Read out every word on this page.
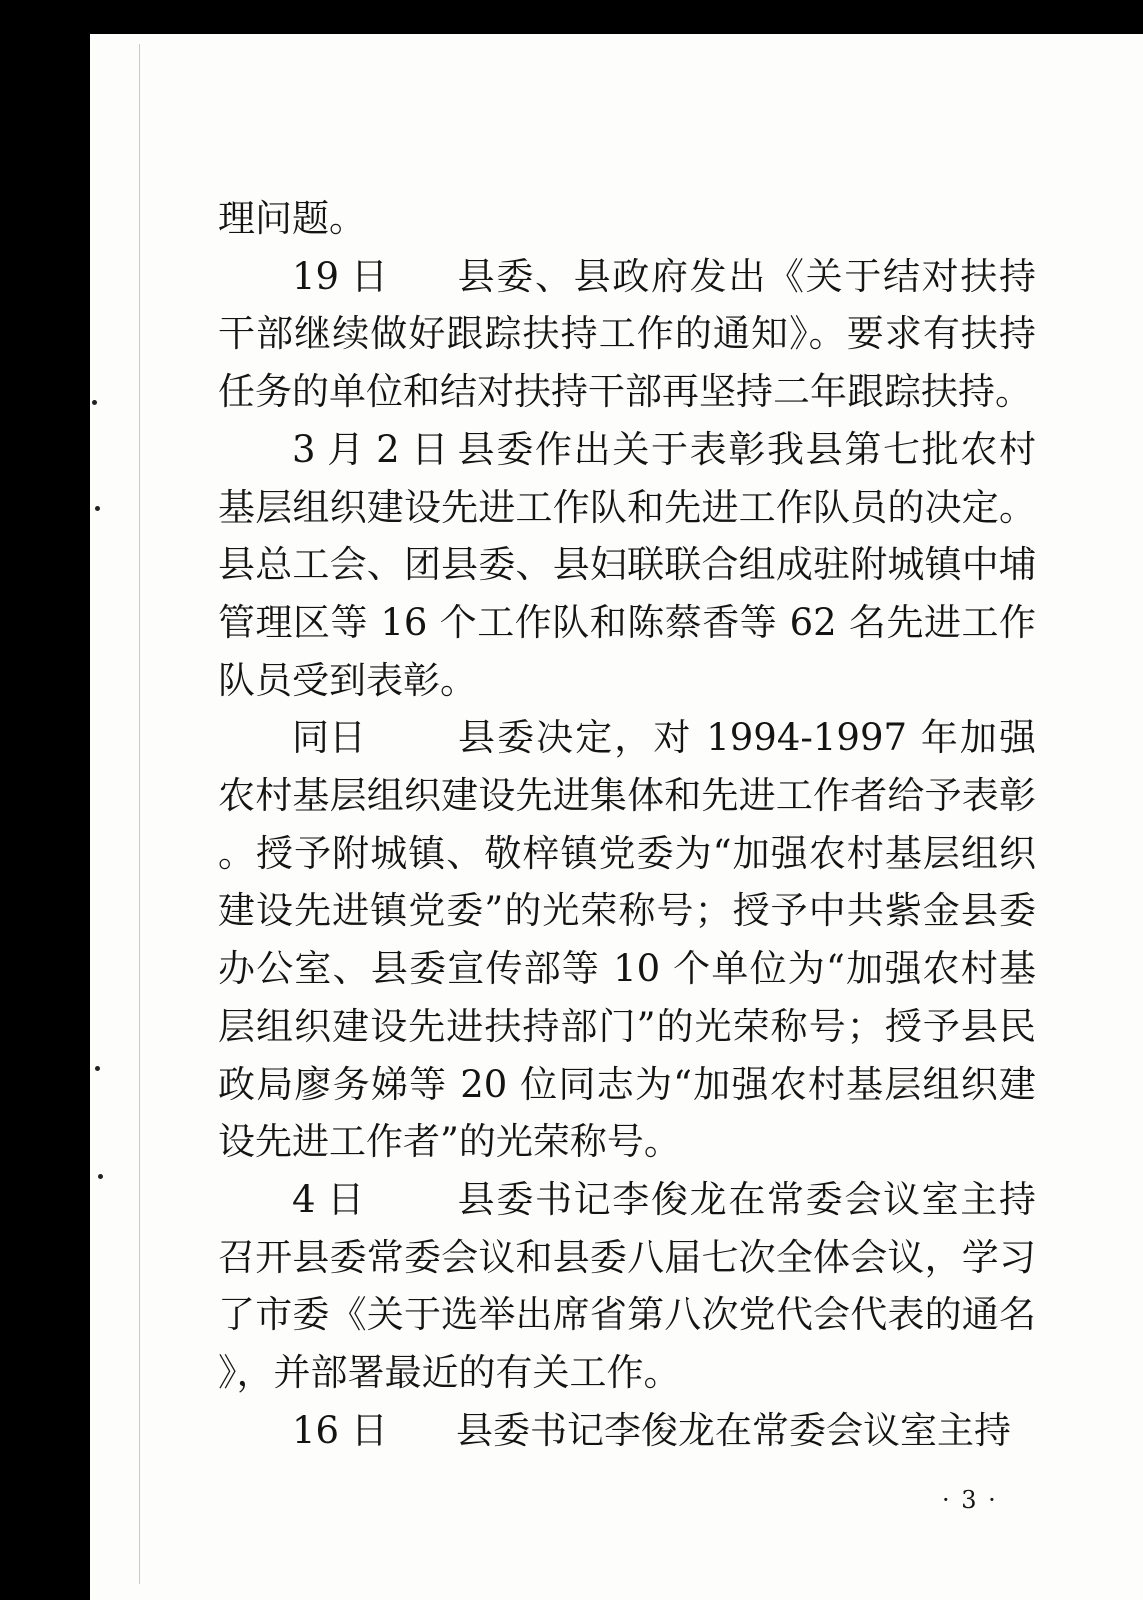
理问题。

19 日 县委、县政府发出《关于结对扶持干部继续做好跟踪扶持工作的通知》。要求有扶持任务的单位和结对扶持干部再坚持二年跟踪扶持。

3 月 2 日 县委作出关于表彰我县第七批农村基层组织建设先进工作队和先进工作队员的决定。县总工会、团县委、县妇联联合组成驻附城镇中埔管理区等 16 个工作队和陈蔡香等 62 名先进工作队员受到表彰。

同日 县委决定，对 1994-1997 年加强农村基层组织建设先进集体和先进工作者给予表彰。授予附城镇、敬梓镇党委为“加强农村基层组织建设先进镇党委”的光荣称号；授予中共紫金县委办公室、县委宣传部等 10 个单位为“加强农村基层组织建设先进扶持部门”的光荣称号；授予县民政局廖务娣等 20 位同志为“加强农村基层组织建设先进工作者”的光荣称号。

4 日 县委书记李俊龙在常委会议室主持召开县委常委会议和县委八届七次全体会议，学习了市委《关于选举出席省第八次党代会代表的通名》，并部署最近的有关工作。

16 日 县委书记李俊龙在常委会议室主持

· 3 ·
